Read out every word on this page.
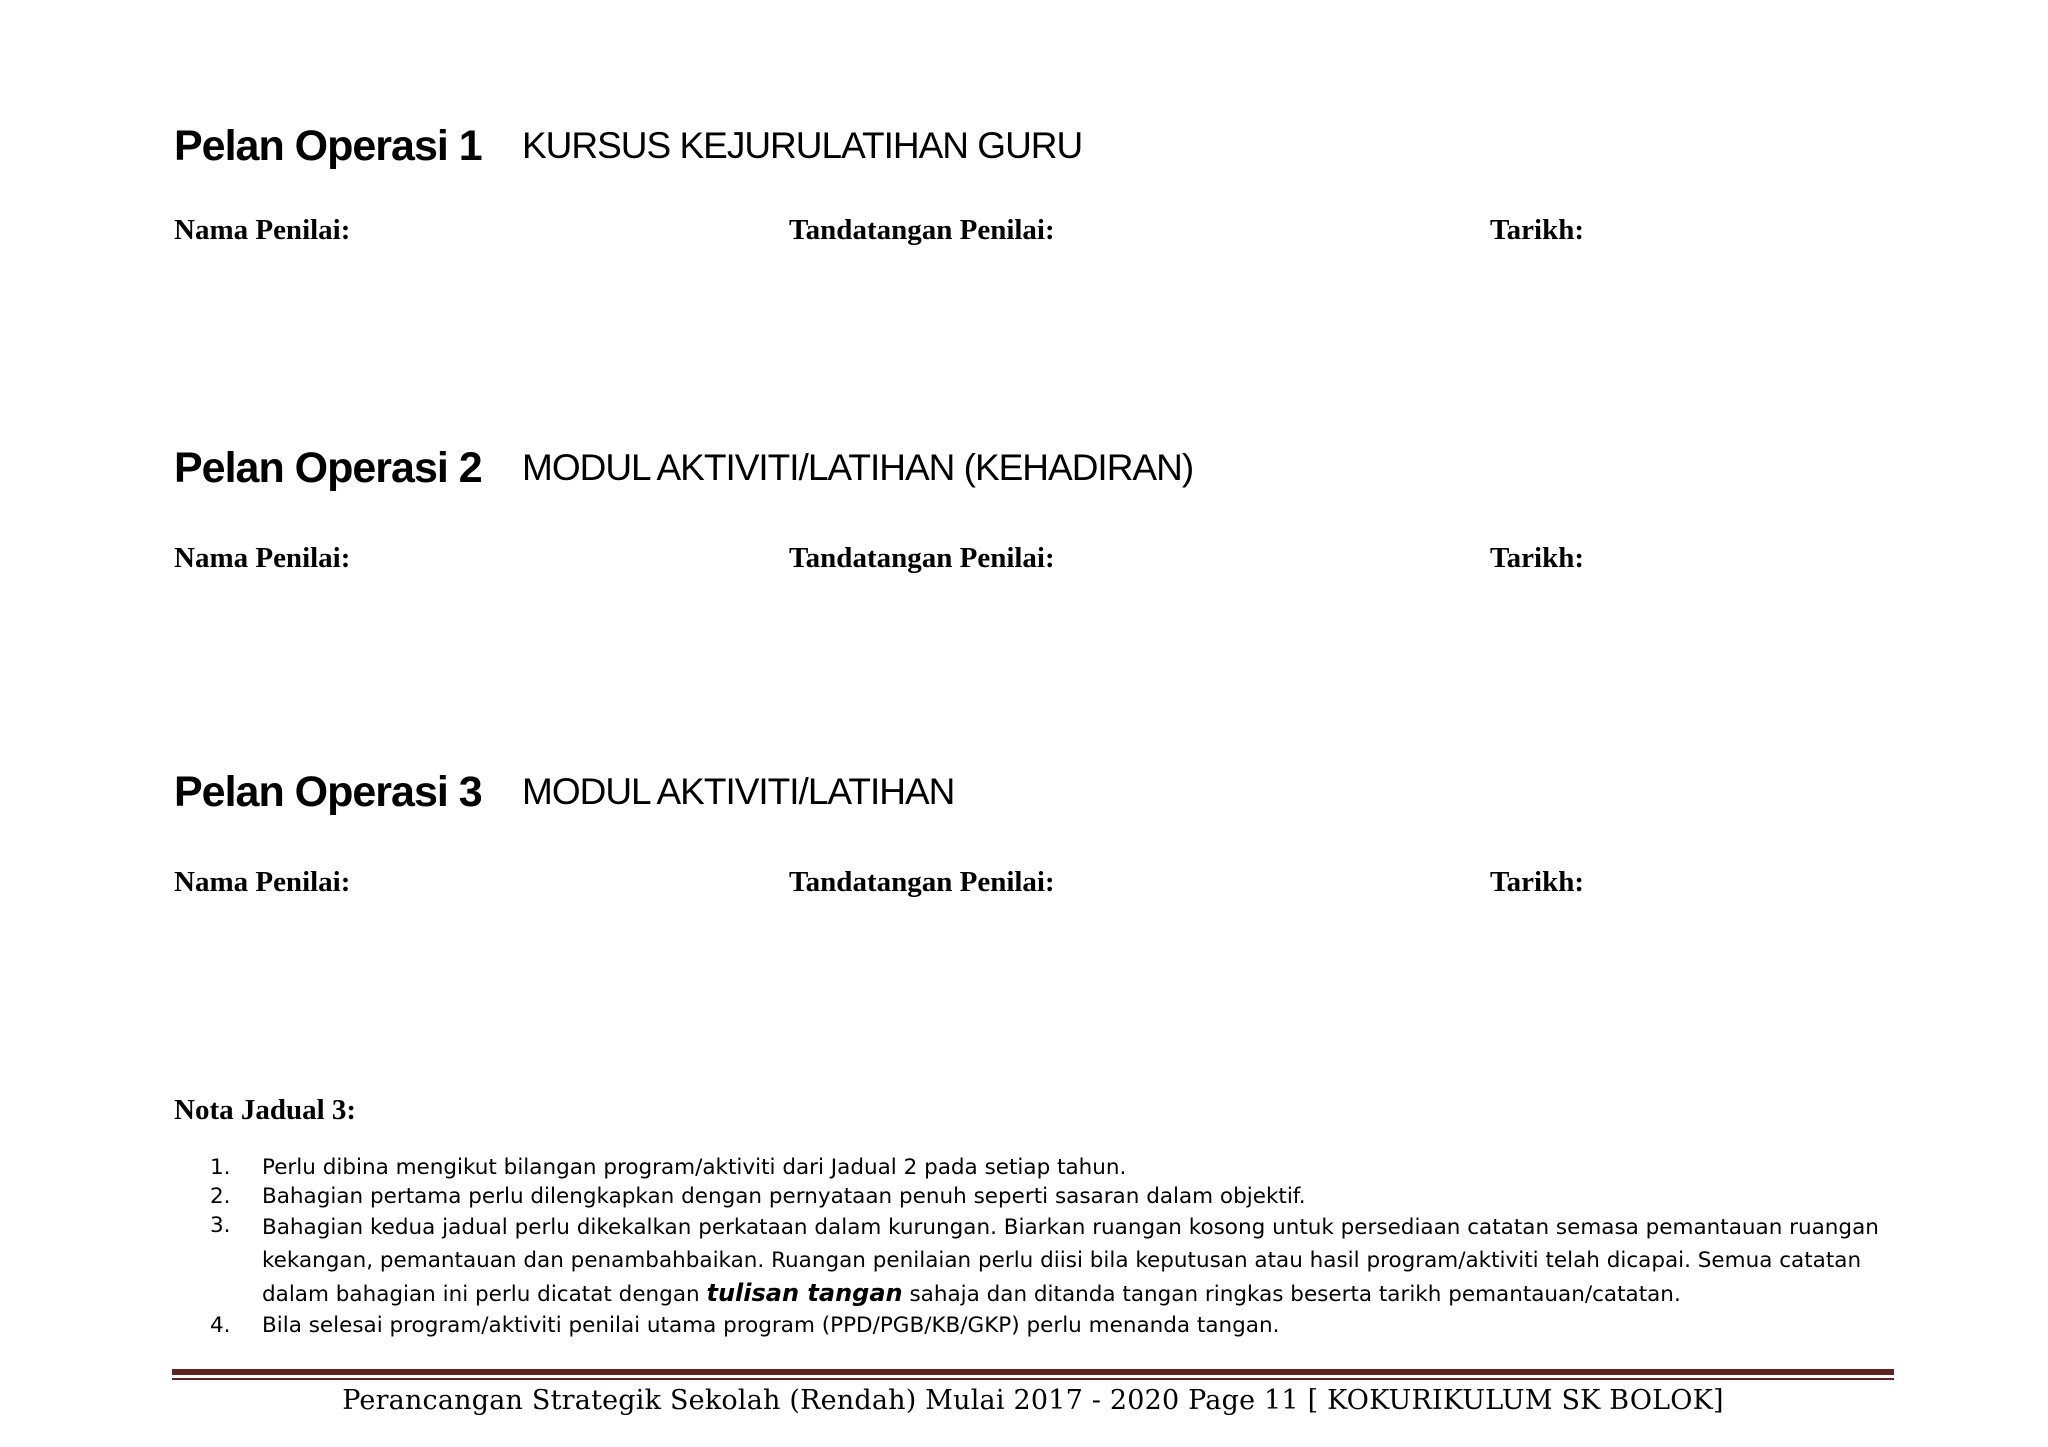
Pelan Operasi 1 KURSUS KEJURULATIHAN GURU
Nama Penilai:	Tandatangan Penilai:	Tarikh:
Pelan Operasi 2 MODUL AKTIVITI/LATIHAN (KEHADIRAN)
Nama Penilai:	Tandatangan Penilai:	Tarikh:
Pelan Operasi 3 MODUL AKTIVITI/LATIHAN
Nama Penilai:	Tandatangan Penilai:	Tarikh:
Nota Jadual 3:
1. Perlu dibina mengikut bilangan program/aktiviti dari Jadual 2 pada setiap tahun.
2. Bahagian pertama perlu dilengkapkan dengan pernyataan penuh seperti sasaran dalam objektif.
3. Bahagian kedua jadual perlu dikekalkan perkataan dalam kurungan. Biarkan ruangan kosong untuk persediaan catatan semasa pemantauan ruangan kekangan, pemantauan dan penambahbaikan. Ruangan penilaian perlu diisi bila keputusan atau hasil program/aktiviti telah dicapai. Semua catatan dalam bahagian ini perlu dicatat dengan tulisan tangan sahaja dan ditanda tangan ringkas beserta tarikh pemantauan/catatan.
4. Bila selesai program/aktiviti penilai utama program (PPD/PGB/KB/GKP) perlu menanda tangan.
Perancangan Strategik Sekolah (Rendah) Mulai 2017 - 2020 Page 11 [ KOKURIKULUM SK BOLOK]
